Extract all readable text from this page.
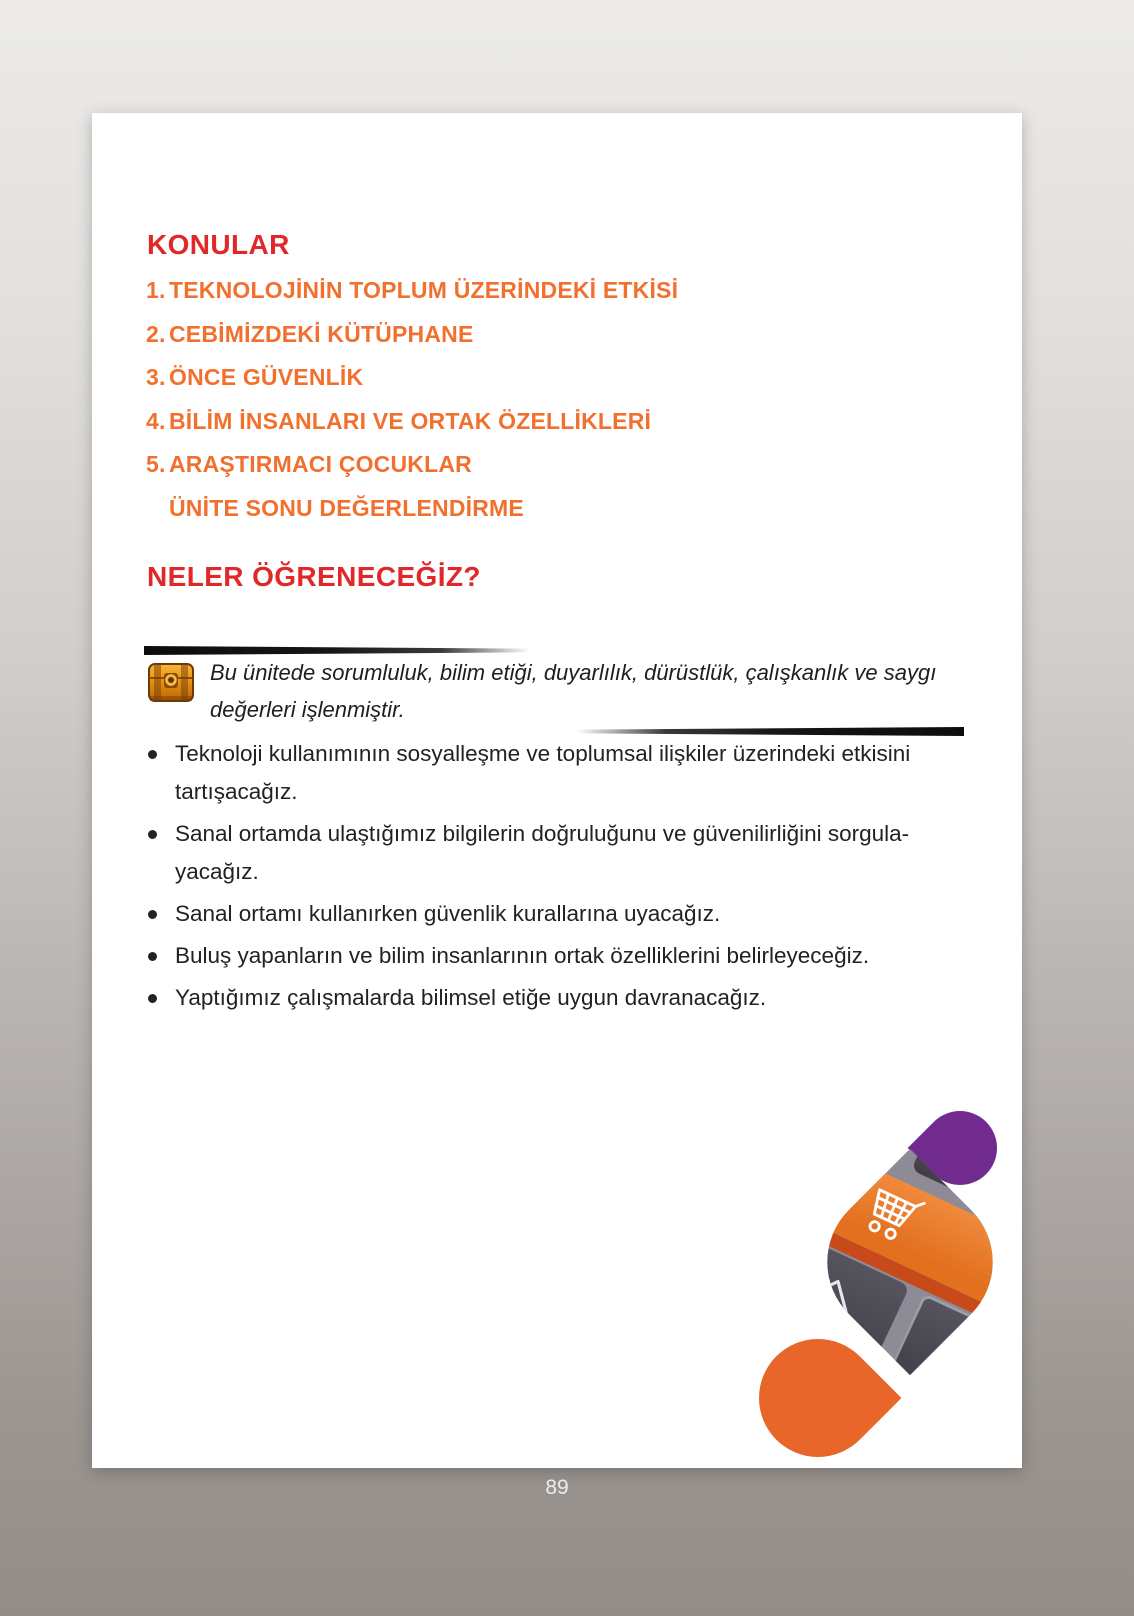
KONULAR
1. TEKNOLOJİNİN TOPLUM ÜZERİNDEKİ ETKİSİ
2. CEBİMİZDEKİ KÜTÜPHANE
3. ÖNCE GÜVENLİK
4. BİLİM İNSANLARI VE ORTAK ÖZELLİKLERİ
5. ARAŞTIRMACI ÇOCUKLAR
ÜNİTE SONU DEĞERLENDİRME
NELER ÖĞRENECEĞİZ?

Bu ünitede sorumluluk, bilim etiği, duyarlılık, dürüstlük, çalışkanlık ve saygı değerleri işlenmiştir.

Teknoloji kullanımının sosyalleşme ve toplumsal ilişkiler üzerindeki etkisini tartışacağız.

Sanal ortamda ulaştığımız bilgilerin doğruluğunu ve güvenilirliğini sorgulayacağız.

Sanal ortamı kullanırken güvenlik kurallarına uyacağız.

Buluş yapanların ve bilim insanlarının ortak özelliklerini belirleyeceğiz.

Yaptığımız çalışmalarda bilimsel etiğe uygun davranacağız.

89
